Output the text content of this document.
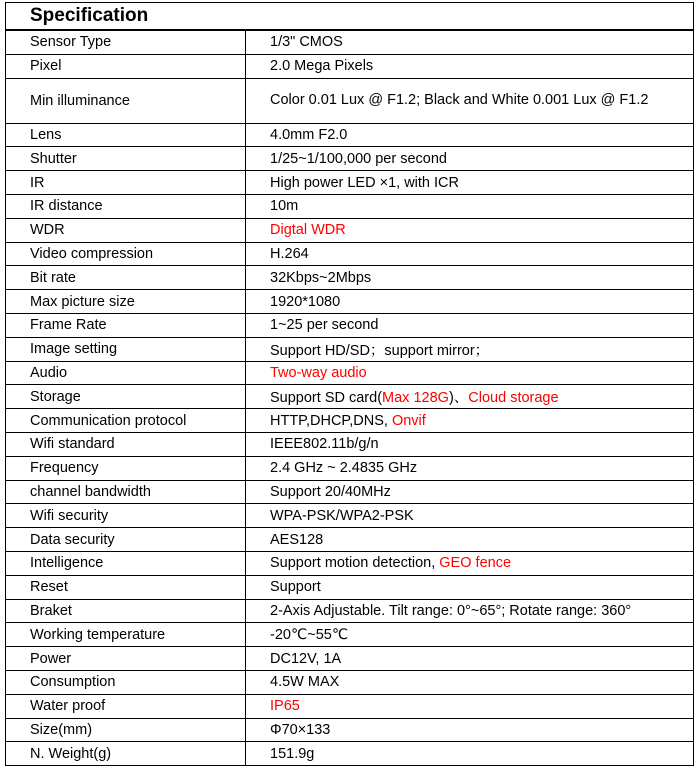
Specification	
Sensor Type	1/3" CMOS
Pixel	2.0 Mega Pixels
Min illuminance	Color 0.01 Lux @ F1.2; Black and White 0.001 Lux @ F1.2
Lens	4.0mm F2.0
Shutter	1/25~1/100,000 per second
IR	High power LED ×1, with ICR
IR distance	10m
WDR	Digtal WDR
Video compression	H.264
Bit rate	32Kbps~2Mbps
Max picture size	1920*1080
Frame Rate	1~25 per second
Image setting	Support HD/SD；support mirror；
Audio	Two-way audio
Storage	Support SD card(Max 128G)、Cloud storage
Communication protocol	HTTP,DHCP,DNS, Onvif
Wifi standard	IEEE802.11b/g/n
Frequency	2.4 GHz ~ 2.4835 GHz
channel bandwidth	Support 20/40MHz
Wifi security	WPA-PSK/WPA2-PSK
Data security	AES128
Intelligence	Support motion detection, GEO fence
Reset	Support
Braket	2-Axis Adjustable. Tilt range: 0°~65°; Rotate range: 360°
Working temperature	-20℃~55℃
Power	DC12V, 1A
Consumption	4.5W MAX
Water proof	IP65
Size(mm)	Φ70×133
N. Weight(g)	151.9g
